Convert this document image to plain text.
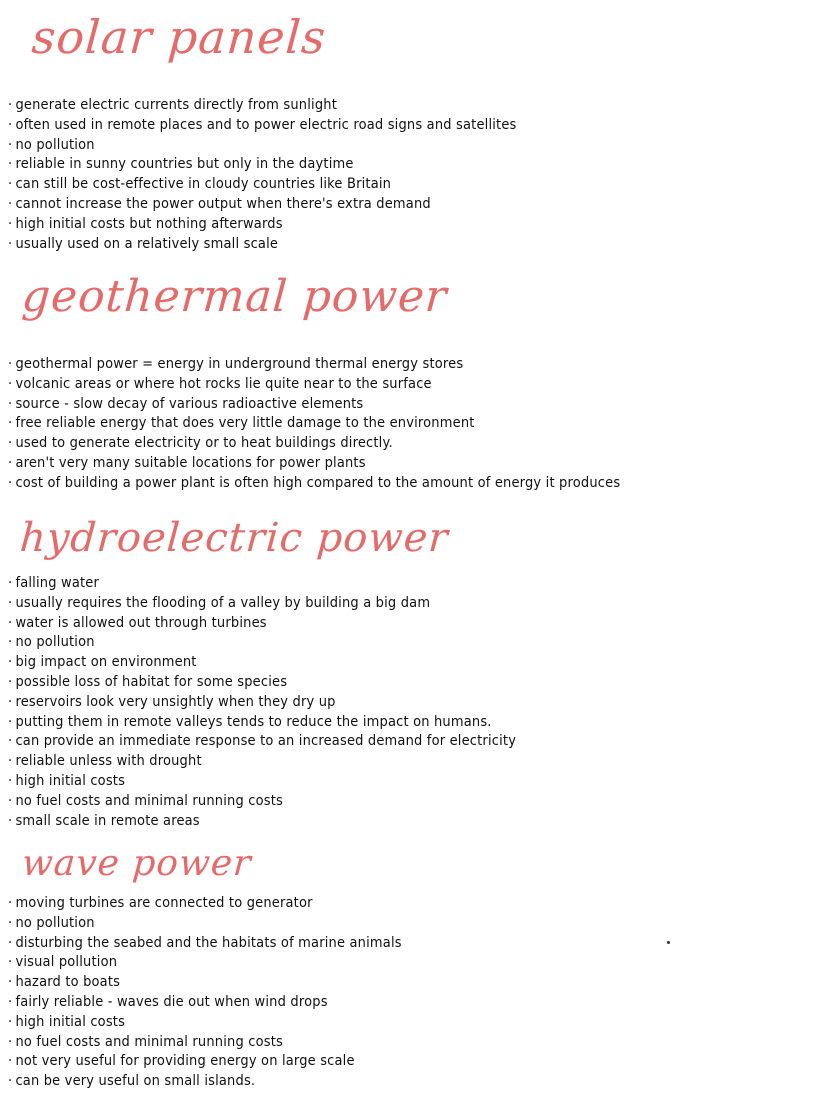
solar panels
· generate electric currents directly from sunlight
· often used in remote places and to power electric road signs and satellites
· no pollution
· reliable in sunny countries but only in the daytime
· can still be cost-effective in cloudy countries like Britain
· cannot increase the power output when there's extra demand
· high initial costs but nothing afterwards
· usually used on a relatively small scale
geothermal power
· geothermal power = energy in underground thermal energy stores
· volcanic areas or where hot rocks lie quite near to the surface
· source - slow decay of various radioactive elements
· free reliable energy that does very little damage to the environment
· used to generate electricity or to heat buildings directly.
· aren't very many suitable locations for power plants
· cost of building a power plant is often high compared to the amount of energy it produces
hydroelectric power
· falling water
· usually requires the flooding of a valley by building a big dam
· water is allowed out through turbines
· no pollution
· big impact on environment
· possible loss of habitat for some species
· reservoirs look very unsightly when they dry up
· putting them in remote valleys tends to reduce the impact on humans.
· can provide an immediate response to an increased demand for electricity
· reliable unless with drought
· high initial costs
· no fuel costs and minimal running costs
· small scale in remote areas
wave power
· moving turbines are connected to generator
· no pollution
· disturbing the seabed and the habitats of marine animals
· visual pollution
· hazard to boats
· fairly reliable - waves die out when wind drops
· high initial costs
· no fuel costs and minimal running costs
· not very useful for providing energy on large scale
· can be very useful on small islands.
